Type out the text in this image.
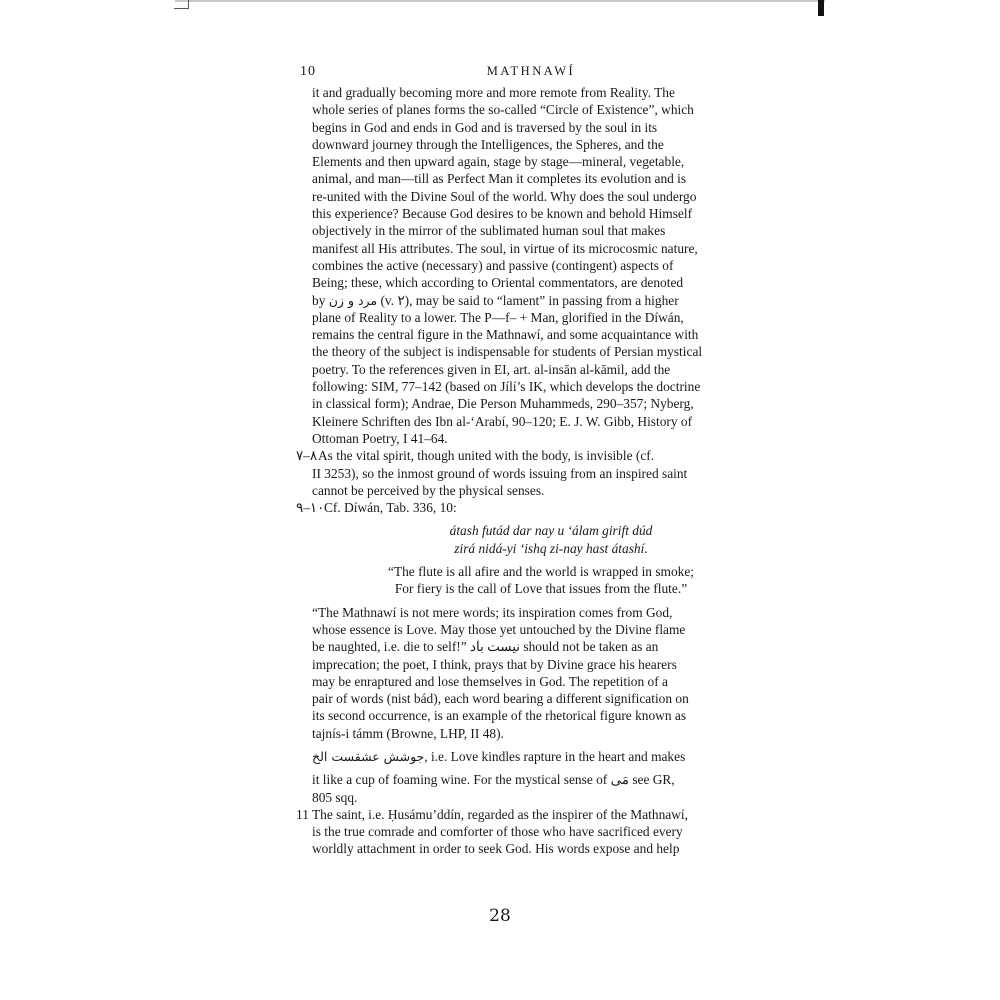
10	MATHNAWÍ
it and gradually becoming more and more remote from Reality. The
whole series of planes forms the so-called “Circle of Existence”, which
begins in God and ends in God and is traversed by the soul in its
downward journey through the Intelligences, the Spheres, and the
Elements and then upward again, stage by stage—mineral, vegetable,
animal, and man—till as Perfect Man it completes its evolution and is
re-united with the Divine Soul of the world. Why does the soul undergo
this experience? Because God desires to be known and behold Himself
objectively in the mirror of the sublimated human soul that makes
manifest all His attributes. The soul, in virtue of its microcosmic nature,
combines the active (necessary) and passive (contingent) aspects of
Being; these, which according to Oriental commentators, are denoted
by مرد و زن (v. ۲), may be said to “lament” in passing from a higher
plane of Reality to a lower. The P‒‒f‒ + Man, glorified in the Díwán,
remains the central figure in the Mathnawí, and some acquaintance with
the theory of the subject is indispensable for students of Persian mystical
poetry. To the references given in EI, art. al-insān al-kāmil, add the
following: SIM, 77–142 (based on Jílí’s IK, which develops the doctrine
in classical form); Andrae, Die Person Muhammeds, 290–357; Nyberg,
Kleinere Schriften des Ibn al-‘Arabí, 90–120; E. J. W. Gibb, History of
Ottoman Poetry, I 41–64.
۷–۸ As the vital spirit, though united with the body, is invisible (cf.
II 3253), so the inmost ground of words issuing from an inspired saint
cannot be perceived by the physical senses.
۹–۱۰ Cf. Díwán, Tab. 336, 10:
átash futád dar nay u ‘álam girift dúd
zirá nidá-yi ‘ishq zi-nay hast átashí.
“The flute is all afire and the world is wrapped in smoke;
For fiery is the call of Love that issues from the flute.”
“The Mathnawí is not mere words; its inspiration comes from God,
whose essence is Love. May those yet untouched by the Divine flame
be naughted, i.e. die to self!” نیست باد should not be taken as an
imprecation; the poet, I think, prays that by Divine grace his hearers
may be enraptured and lose themselves in God. The repetition of a
pair of words (nist bád), each word bearing a different signification on
its second occurrence, is an example of the rhetorical figure known as
tajnís-i támm (Browne, LHP, II 48).
جوشش عشقست الخ, i.e. Love kindles rapture in the heart and makes
it like a cup of foaming wine. For the mystical sense of مَی see GR,
805 sqq.
11 The saint, i.e. Ḥusámu’ddín, regarded as the inspirer of the Mathnawí,
is the true comrade and comforter of those who have sacrificed every
worldly attachment in order to seek God. His words expose and help
28
